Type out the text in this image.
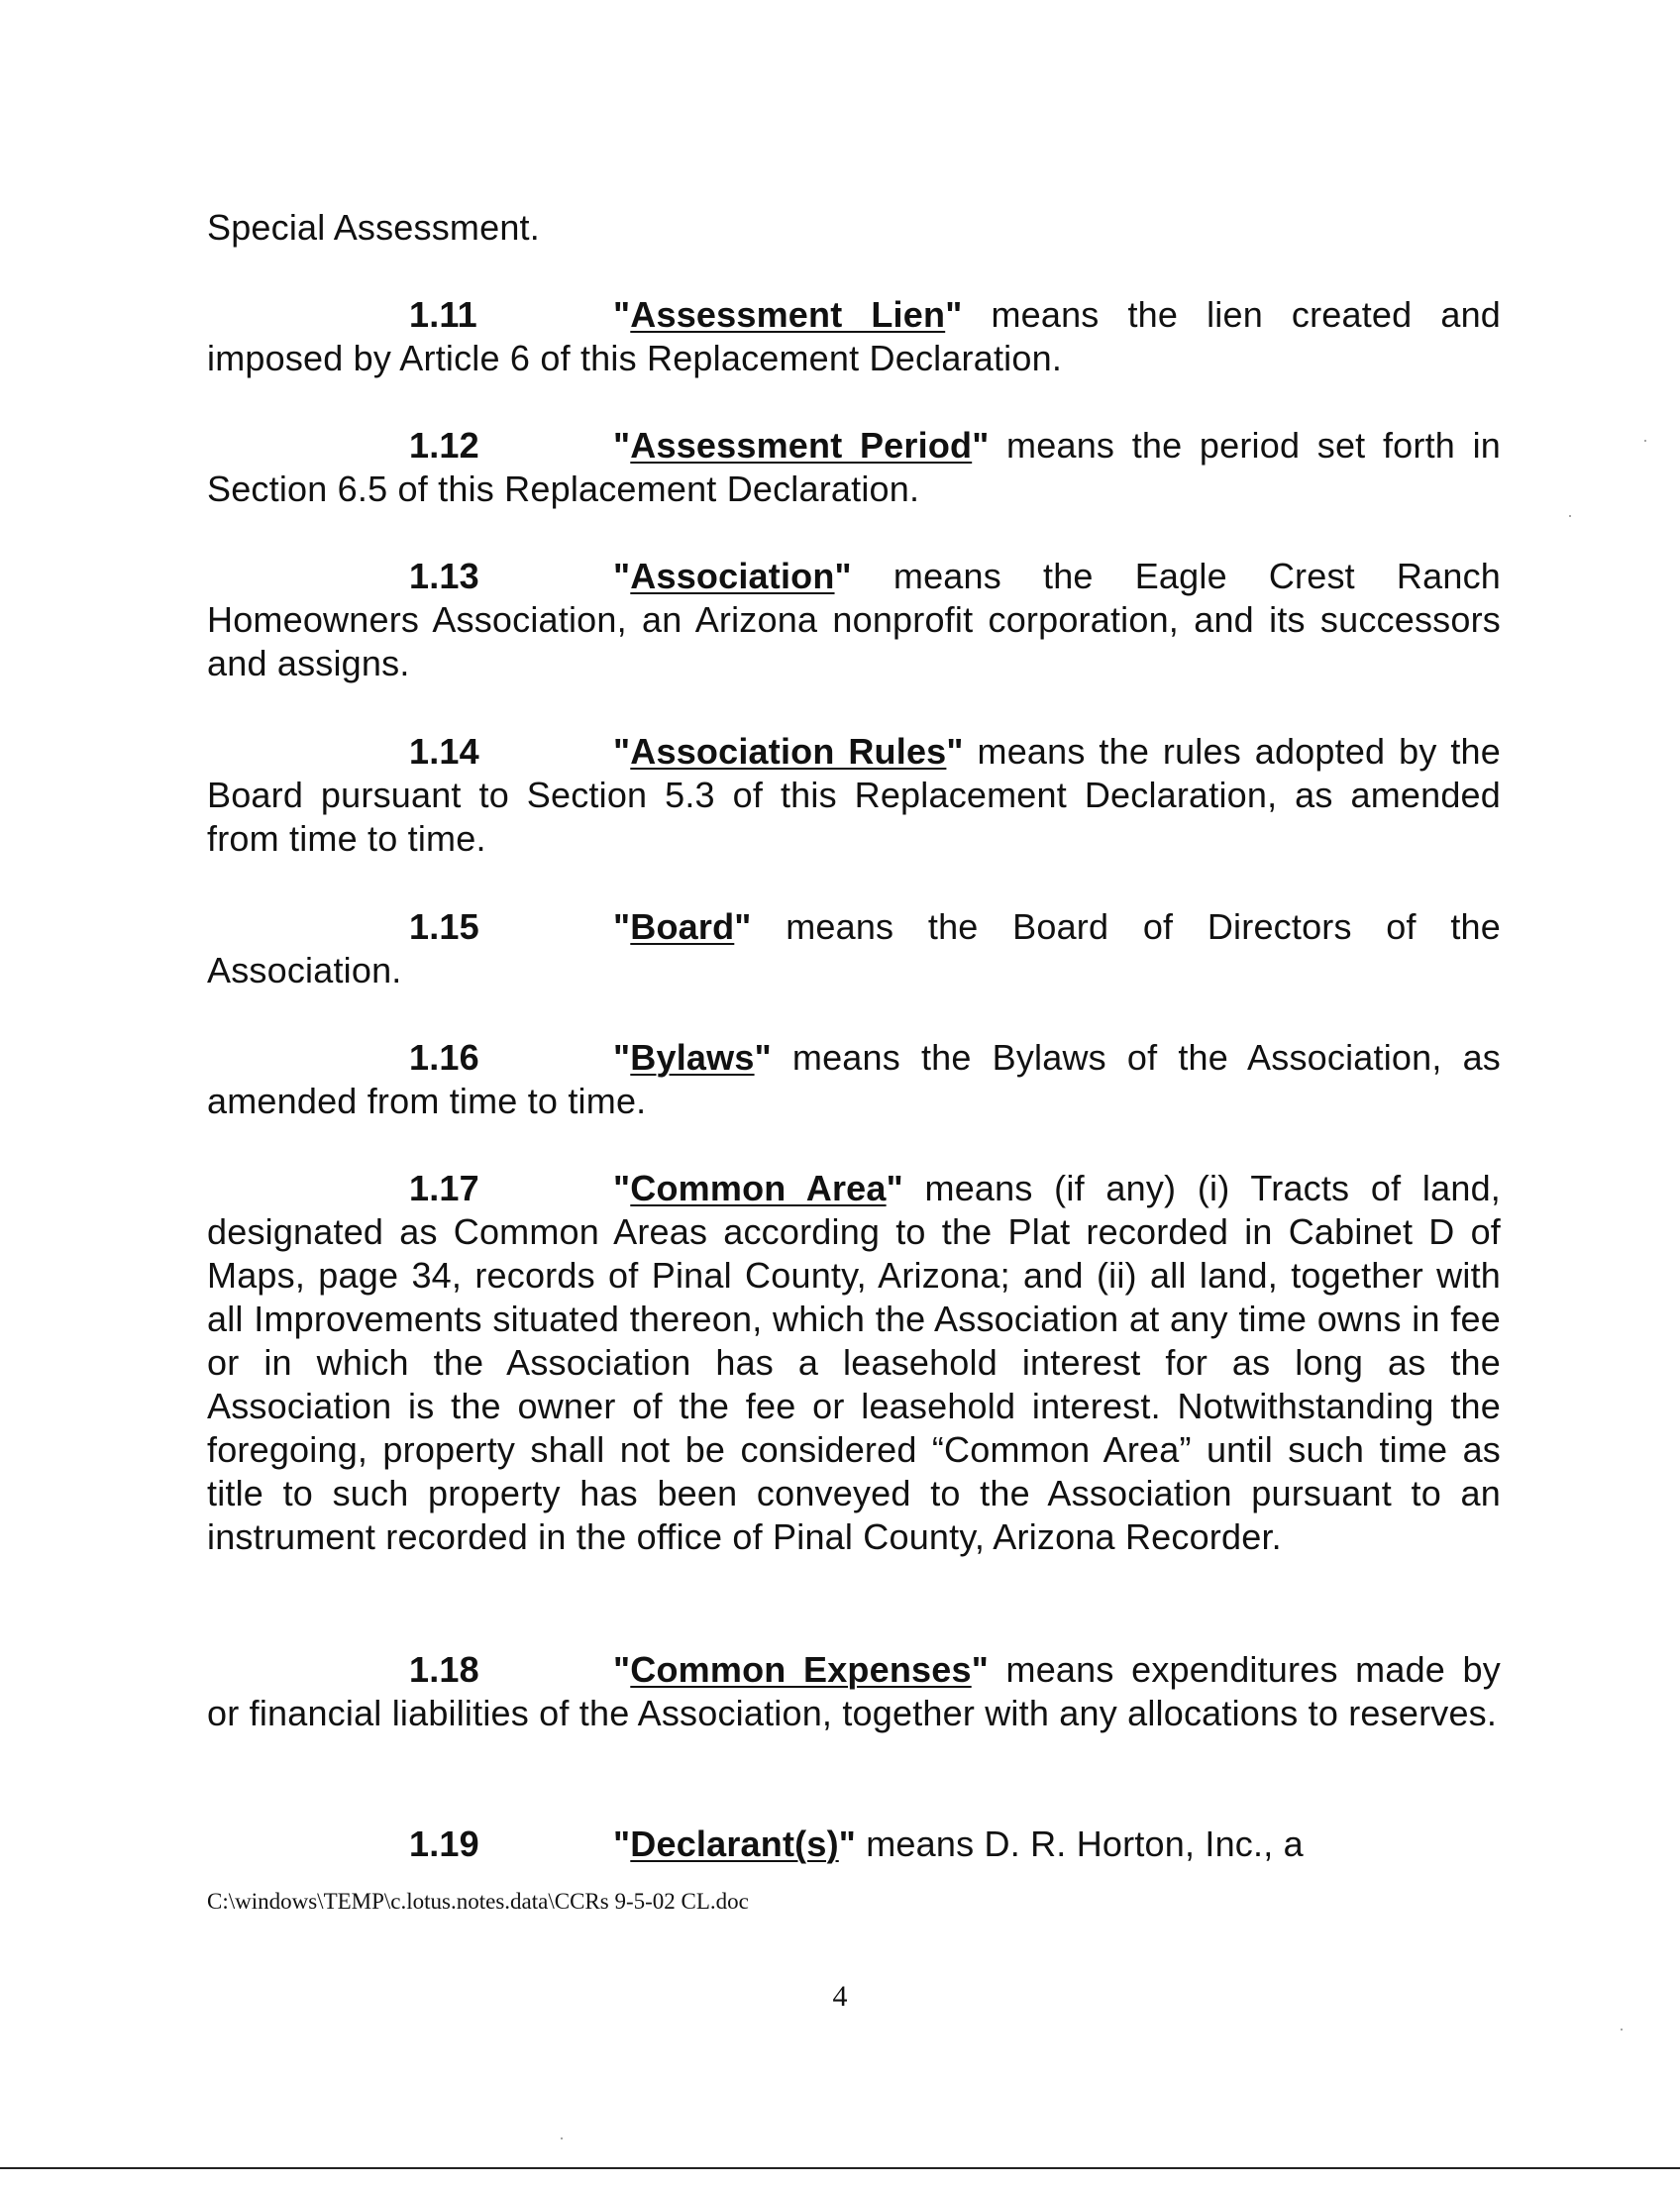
Special Assessment.
1.11	"Assessment Lien" means the lien created and imposed by Article 6 of this Replacement Declaration.
1.12	"Assessment Period" means the period set forth in Section 6.5 of this Replacement Declaration.
1.13	"Association" means the Eagle Crest Ranch Homeowners Association, an Arizona nonprofit corporation, and its successors and assigns.
1.14	"Association Rules" means the rules adopted by the Board pursuant to Section 5.3 of this Replacement Declaration, as amended from time to time.
1.15	"Board" means the Board of Directors of the Association.
1.16	"Bylaws" means the Bylaws of the Association, as amended from time to time.
1.17	"Common Area" means (if any) (i) Tracts of land, designated as Common Areas according to the Plat recorded in Cabinet D of Maps, page 34, records of Pinal County, Arizona; and (ii) all land, together with all Improvements situated thereon, which the Association at any time owns in fee or in which the Association has a leasehold interest for as long as the Association is the owner of the fee or leasehold interest. Notwithstanding the foregoing, property shall not be considered “Common Area” until such time as title to such property has been conveyed to the Association pursuant to an instrument recorded in the office of Pinal County, Arizona Recorder.
1.18	"Common Expenses" means expenditures made by or financial liabilities of the Association, together with any allocations to reserves.
1.19	"Declarant(s)" means D. R. Horton, Inc., a
C:\windows\TEMP\c.lotus.notes.data\CCRs 9-5-02 CL.doc
4
